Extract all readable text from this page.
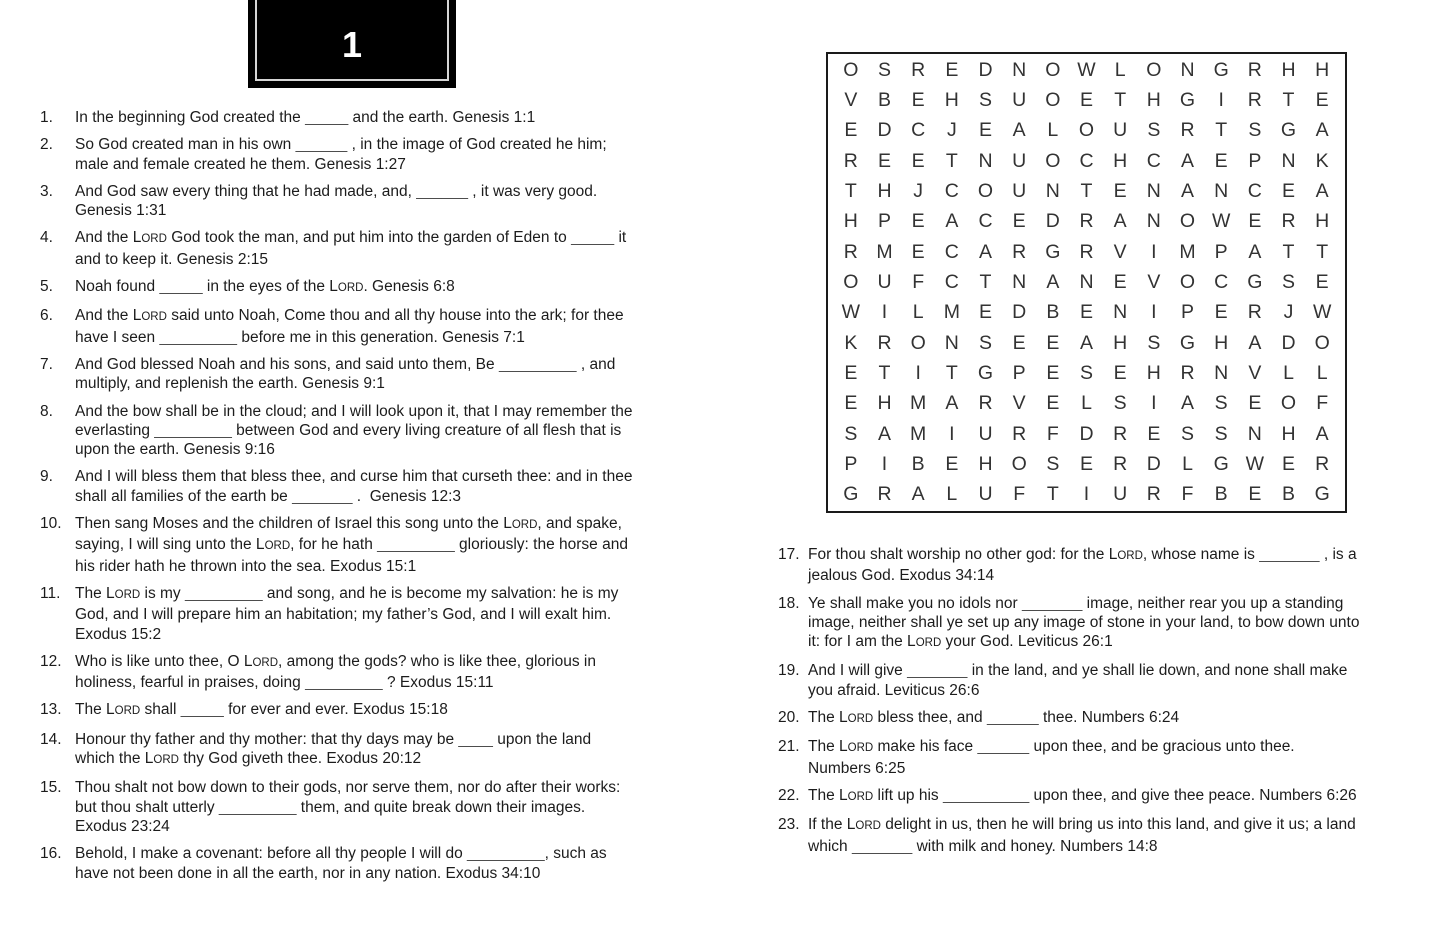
1
O	S	R	E	D	N O W L	O N G R	H	H
V	B	E	H	S	U O	E	T	H G	I	R	T	E
E	D	C	J	E	A	L	O U	S	R	T	S	G	A
R	E	E	T	N	U O C	H	C	A	E	P	N	K
T	H	J	C O U	N	T	E	N	A	N	C	E	A
H	P	E	A	C	E	D	R	A	N O W E	R	H
R M E	C	A	R G R	V	I	M P	A	T	T
O U	F	C	T	N	A	N	E	V	O C G	S	E
W	I	L	M E	D	B	E	N	I	P	E	R	J	W
K	R O N	S	E	E	A	H	S	G H	A	D O
E	T	I	T	G	P	E	S	E	H	R	N	V	L	L
E	H M A	R	V	E	L	S	I	A	S	E	O	F
S	A M	I	U	R	F	D	R	E	S	S	N	H	A
P	I	B	E	H O	S	E	R	D	L	G W E	R
G R	A	L	U	F	T	I	U	R	F	B	E	B	G
1.	In the beginning God created the _____ and the earth. Genesis 1:1
2.	So God created man in his own ______ , in the image of God created he him;
male and female created he them. Genesis 1:27
3.	And God saw every thing that he had made, and, ______ , it was very good.
Genesis 1:31
4.	And the LORD God took the man, and put him into the garden of Eden to _____ it
and to keep it. Genesis 2:15
5.	Noah found _____ in the eyes of the LORD. Genesis 6:8
6.	And the LORD said unto Noah, Come thou and all thy house into the ark; for thee
have I seen _________ before me in this generation. Genesis 7:1
7.	And God blessed Noah and his sons, and said unto them, Be _________ , and
multiply, and replenish the earth. Genesis 9:1
8.	And the bow shall be in the cloud; and I will look upon it, that I may remember the
everlasting _________ between God and every living creature of all flesh that is
upon the earth. Genesis 9:16
9.	And I will bless them that bless thee, and curse him that curseth thee: and in thee
shall all families of the earth be _______ .  Genesis 12:3
10. Then sang Moses and the children of Israel this song unto the LORD, and spake,
saying, I will sing unto the LORD, for he hath _________ gloriously: the horse and
his rider hath he thrown into the sea. Exodus 15:1
11. The LORD is my _________ and song, and he is become my salvation: he is my
God, and I will prepare him an habitation; my father’s God, and I will exalt him.
Exodus 15:2
12. Who is like unto thee, O LORD, among the gods? who is like thee, glorious in
holiness, fearful in praises, doing _________ ? Exodus 15:11
13. The LORD shall _____ for ever and ever. Exodus 15:18
14. Honour thy father and thy mother: that thy days may be ____ upon the land
which the LORD thy God giveth thee. Exodus 20:12
15. Thou shalt not bow down to their gods, nor serve them, nor do after their works:
but thou shalt utterly _________ them, and quite break down their images.
Exodus 23:24
16. Behold, I make a covenant: before all thy people I will do _________, such as
have not been done in all the earth, nor in any nation. Exodus 34:10
17. For thou shalt worship no other god: for the LORD, whose name is _______ , is a
jealous God. Exodus 34:14
18. Ye shall make you no idols nor _______ image, neither rear you up a standing
image, neither shall ye set up any image of stone in your land, to bow down unto
it: for I am the LORD your God. Leviticus 26:1
19. And I will give _______ in the land, and ye shall lie down, and none shall make
you afraid. Leviticus 26:6
20. The LORD bless thee, and ______ thee. Numbers 6:24
21. The LORD make his face ______ upon thee, and be gracious unto thee.
Numbers 6:25
22. The LORD lift up his __________ upon thee, and give thee peace. Numbers 6:26
23. If the LORD delight in us, then he will bring us into this land, and give it us; a land
which _______ with milk and honey. Numbers 14:8
